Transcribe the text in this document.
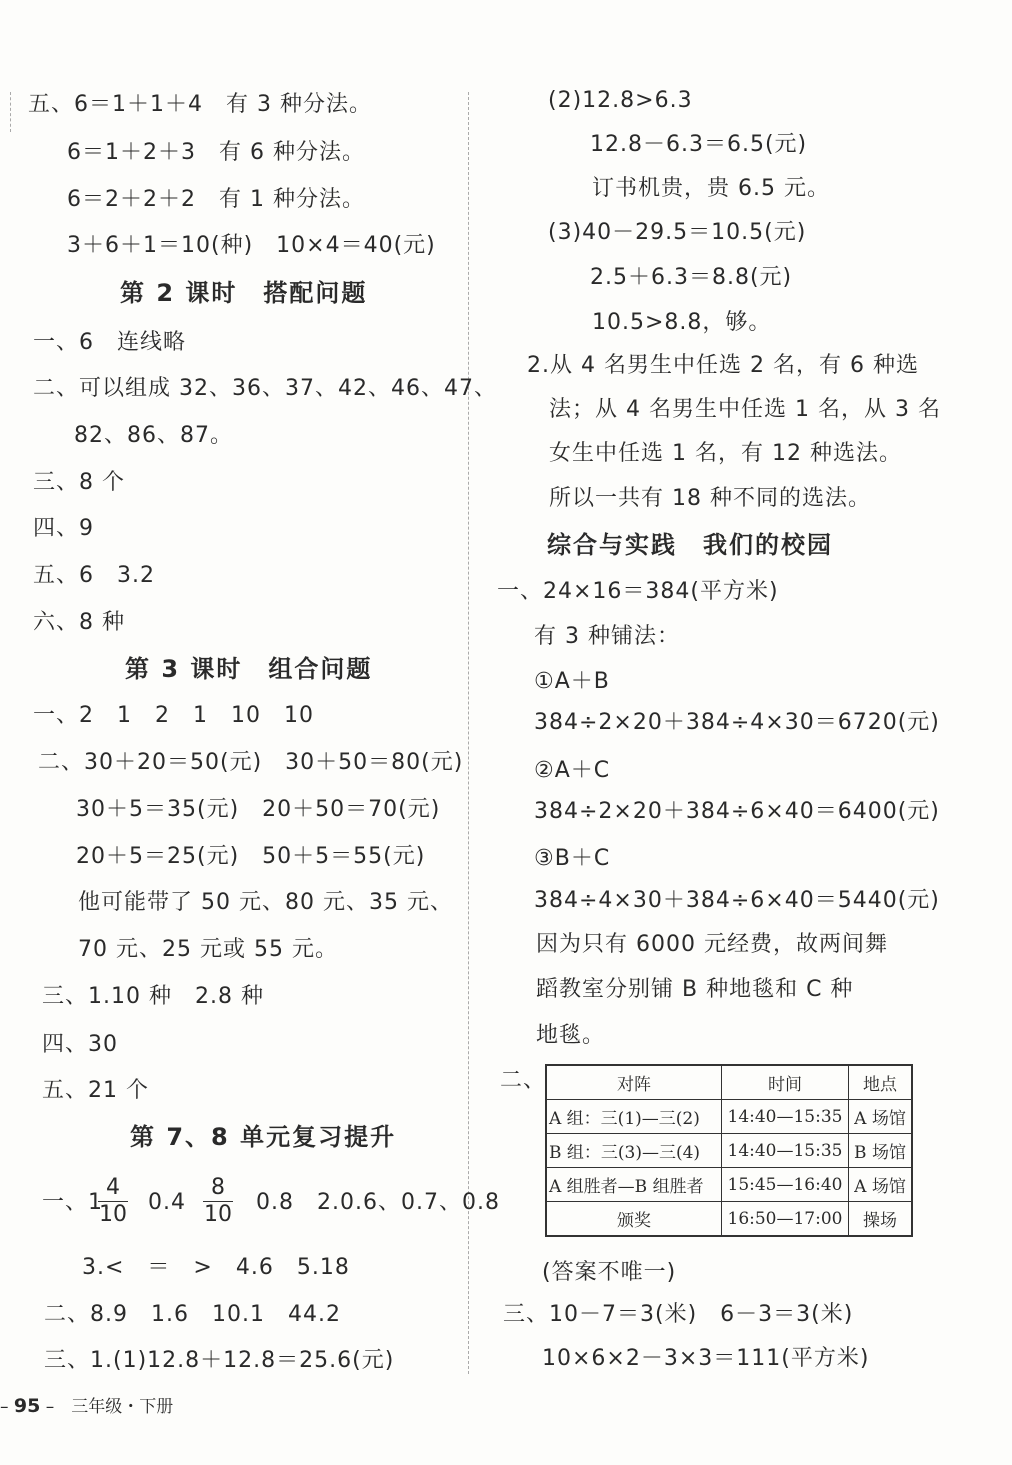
五、6＝1＋1＋4　有 3 种分法。
6＝1＋2＋3　有 6 种分法。
6＝2＋2＋2　有 1 种分法。
3＋6＋1＝10(种)　10×4＝40(元)
第 2 课时　搭配问题
一、6　连线略
二、可以组成 32、36、37、42、46、47、
82、86、87。
三、8 个
四、9
五、6　3.2
六、8 种
第 3 课时　组合问题
一、2　1　2　1　10　10
二、30＋20＝50(元)　30＋50＝80(元)
30＋5＝35(元)　20＋50＝70(元)
20＋5＝25(元)　50＋5＝55(元)
他可能带了 50 元、80 元、35 元、
70 元、25 元或 55 元。
三、1.10 种　2.8 种
四、30
五、21 个
第 7、8 单元复习提升
一、1.
4
10 0.4
8
10 0.8　2.0.6、0.7、0.8
3.<　＝　>　4.6　5.18
二、8.9　1.6　10.1　44.2
三、1.(1)12.8＋12.8＝25.6(元)
(2)12.8>6.3
12.8－6.3＝6.5(元)
订书机贵，贵 6.5 元。
(3)40－29.5＝10.5(元)
2.5＋6.3＝8.8(元)
10.5>8.8，够。
2.从 4 名男生中任选 2 名，有 6 种选
法；从 4 名男生中任选 1 名，从 3 名
女生中任选 1 名，有 12 种选法。
所以一共有 18 种不同的选法。
综合与实践　我们的校园
一、24×16＝384(平方米)
有 3 种铺法：
①A＋B
384÷2×20＋384÷4×30＝6720(元)
②A＋C
384÷2×20＋384÷6×40＝6400(元)
③B＋C
384÷4×30＋384÷6×40＝5440(元)
因为只有 6000 元经费，故两间舞
蹈教室分别铺 B 种地毯和 C 种
地毯。
二、	对阵	时间	地点
A 组：三(1)—三(2)	14:40—15:35	A 场馆
B 组：三(3)—三(4)	14:40—15:35	B 场馆
A 组胜者—B 组胜者	15:45—16:40	A 场馆
颁奖	16:50—17:00	操场
(答案不唯一)
三、10－7＝3(米)　6－3＝3(米)
10×6×2－3×3＝111(平方米)
– 95 –　三年级・下册
